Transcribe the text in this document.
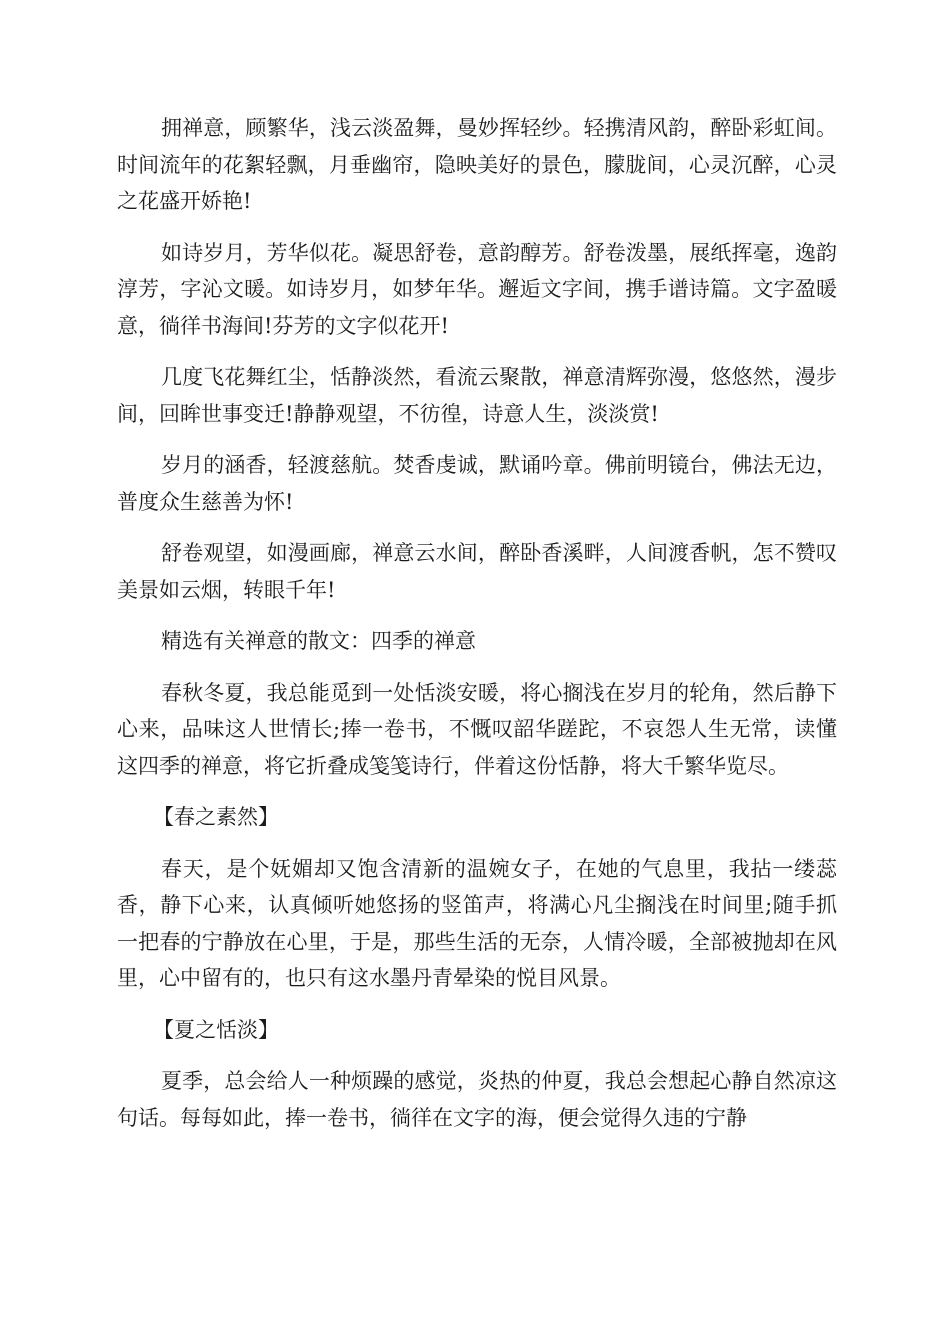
拥禅意，顾繁华，浅云淡盈舞，曼妙挥轻纱。轻携清风韵，醉卧彩虹间。时间流年的花絮轻飘，月垂幽帘，隐映美好的景色，朦胧间，心灵沉醉，心灵之花盛开娇艳!

如诗岁月，芳华似花。凝思舒卷，意韵醇芳。舒卷泼墨，展纸挥毫，逸韵淳芳，字沁文暖。如诗岁月，如梦年华。邂逅文字间，携手谱诗篇。文字盈暖意，徜徉书海间!芬芳的文字似花开!

几度飞花舞红尘，恬静淡然，看流云聚散，禅意清辉弥漫，悠悠然，漫步间，回眸世事变迁!静静观望，不彷徨，诗意人生，淡淡赏!

岁月的涵香，轻渡慈航。焚香虔诚，默诵吟章。佛前明镜台，佛法无边，普度众生慈善为怀!

舒卷观望，如漫画廊，禅意云水间，醉卧香溪畔，人间渡香帆，怎不赞叹美景如云烟，转眼千年!

精选有关禅意的散文：四季的禅意

春秋冬夏，我总能觅到一处恬淡安暖，将心搁浅在岁月的轮角，然后静下心来，品味这人世情长;捧一卷书，不慨叹韶华蹉跎，不哀怨人生无常，读懂这四季的禅意，将它折叠成笺笺诗行，伴着这份恬静，将大千繁华览尽。

【春之素然】

春天，是个妩媚却又饱含清新的温婉女子，在她的气息里，我拈一缕蕊香，静下心来，认真倾听她悠扬的竖笛声，将满心凡尘搁浅在时间里;随手抓一把春的宁静放在心里，于是，那些生活的无奈，人情冷暖，全部被抛却在风里，心中留有的，也只有这水墨丹青晕染的悦目风景。

【夏之恬淡】

夏季，总会给人一种烦躁的感觉，炎热的仲夏，我总会想起心静自然凉这句话。每每如此，捧一卷书，徜徉在文字的海，便会觉得久违的宁静
